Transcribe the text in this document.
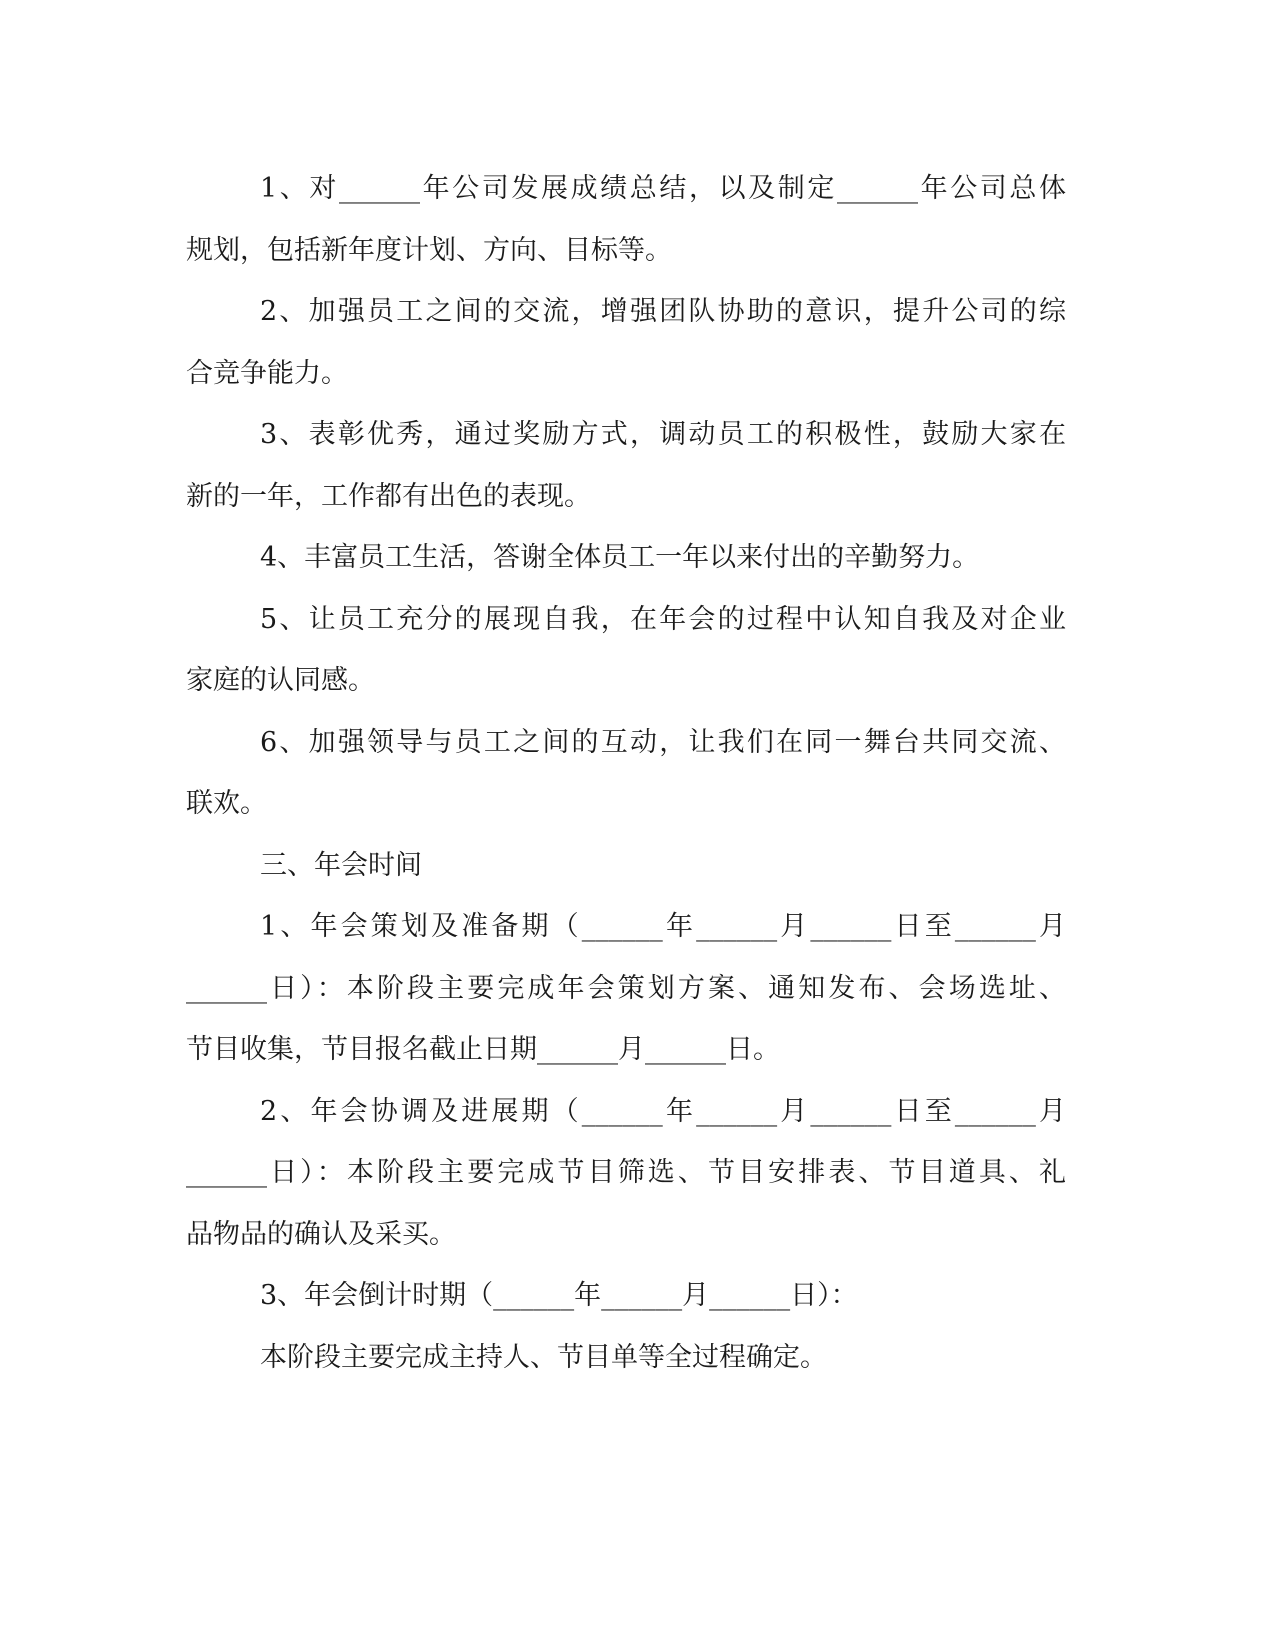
1、对______年公司发展成绩总结，以及制定______年公司总体
规划，包括新年度计划、方向、目标等。
2、加强员工之间的交流，增强团队协助的意识，提升公司的综
合竞争能力。
3、表彰优秀，通过奖励方式，调动员工的积极性，鼓励大家在
新的一年，工作都有出色的表现。
4、丰富员工生活，答谢全体员工一年以来付出的辛勤努力。
5、让员工充分的展现自我，在年会的过程中认知自我及对企业
家庭的认同感。
6、加强领导与员工之间的互动，让我们在同一舞台共同交流、
联欢。
三、年会时间
1、年会策划及准备期（______年______月______日至______月
______日）：本阶段主要完成年会策划方案、通知发布、会场选址、
节目收集，节目报名截止日期______月______日。
2、年会协调及进展期（______年______月______日至______月
______日）：本阶段主要完成节目筛选、节目安排表、节目道具、礼
品物品的确认及采买。
3、年会倒计时期（______年______月______日）：
本阶段主要完成主持人、节目单等全过程确定。
